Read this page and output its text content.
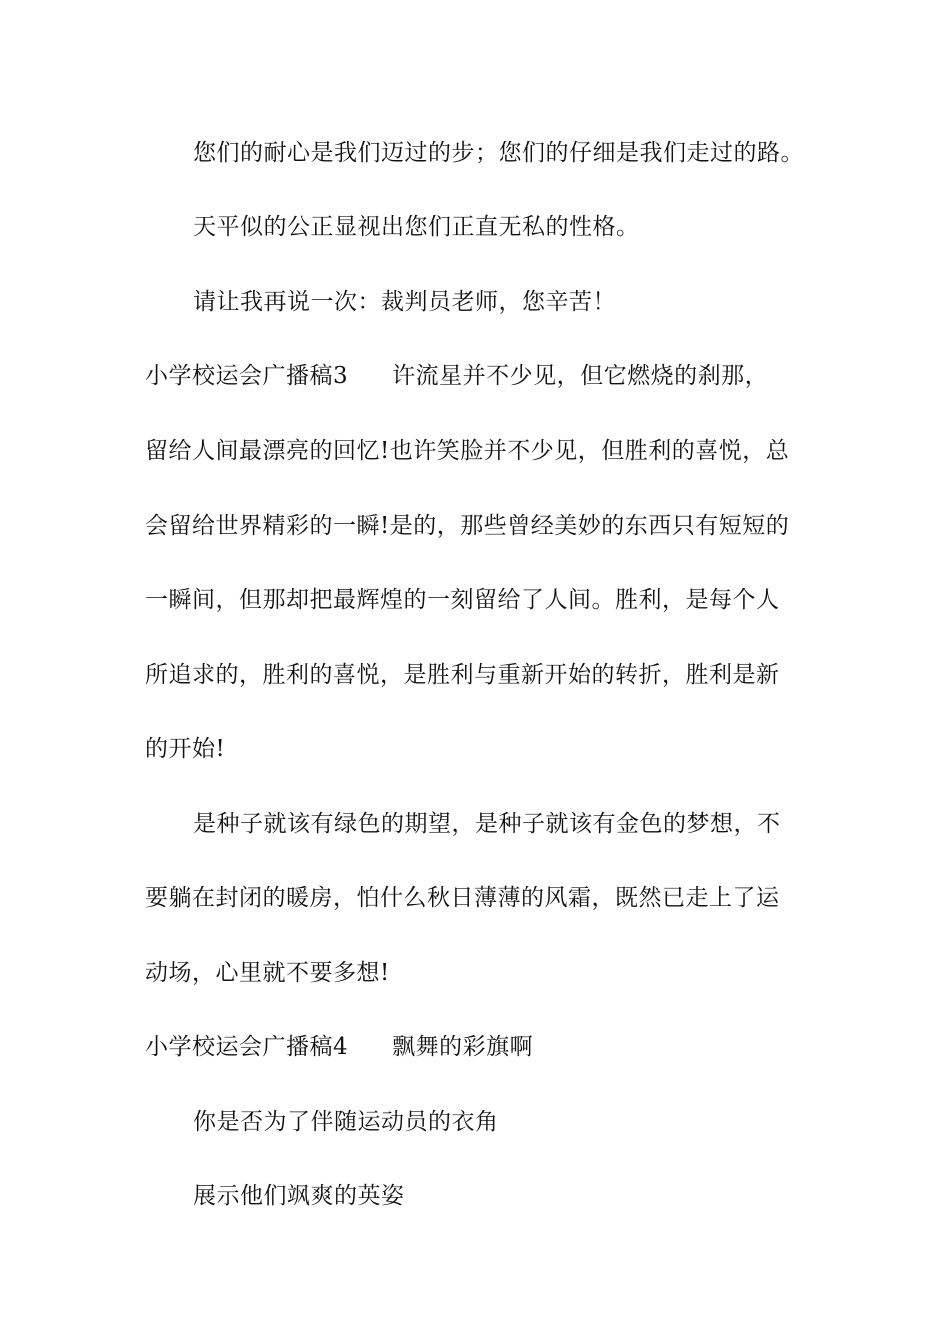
您们的耐心是我们迈过的步；您们的仔细是我们走过的路。
天平似的公正显视出您们正直无私的性格。
请让我再说一次：裁判员老师，您辛苦！
小学校运会广播稿3 许流星并不少见，但它燃烧的刹那，
留给人间最漂亮的回忆!也许笑脸并不少见，但胜利的喜悦，总
会留给世界精彩的一瞬!是的，那些曾经美妙的东西只有短短的
一瞬间，但那却把最辉煌的一刻留给了人间。胜利，是每个人
所追求的，胜利的喜悦，是胜利与重新开始的转折，胜利是新
的开始!
是种子就该有绿色的期望，是种子就该有金色的梦想，不
要躺在封闭的暖房，怕什么秋日薄薄的风霜，既然已走上了运
动场，心里就不要多想!
小学校运会广播稿4 飘舞的彩旗啊
你是否为了伴随运动员的衣角
展示他们飒爽的英姿
